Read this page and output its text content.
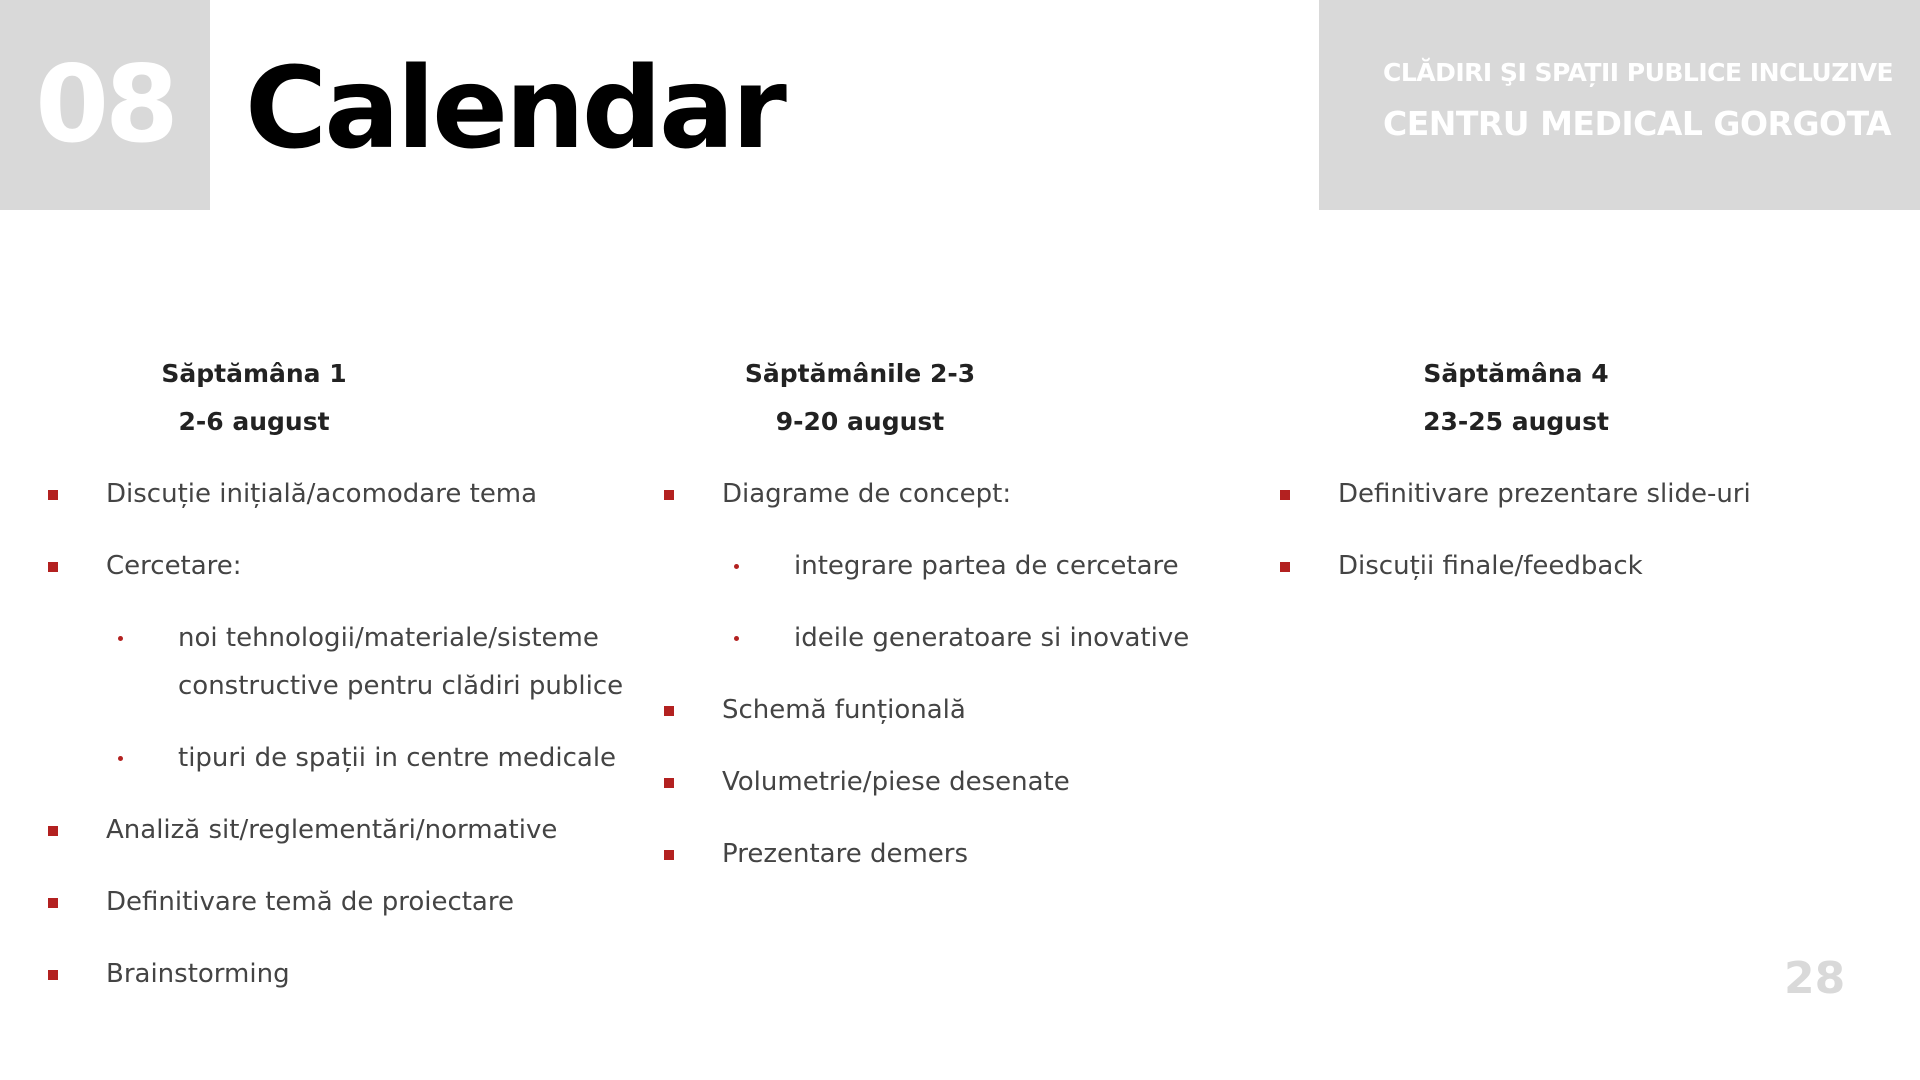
08 Calendar	CLĂDIRI ŞI SPAȚII PUBLICE INCLUZIVE
CENTRU MEDICAL GORGOTA
Săptămâna 1
2-6 august
Discuție inițială/acomodare tema
Cercetare:
noi tehnologii/materiale/sisteme constructive pentru clădiri publice
tipuri de spații in centre medicale
Analiză sit/reglementări/normative
Definitivare temă de proiectare
Brainstorming
Săptămânile 2-3
9-20 august
Diagrame de concept:
integrare partea de cercetare
ideile generatoare si inovative
Schemă funțională
Volumetrie/piese desenate
Prezentare demers
Săptămâna 4
23-25 august
Definitivare prezentare slide-uri
Discuții finale/feedback
28
